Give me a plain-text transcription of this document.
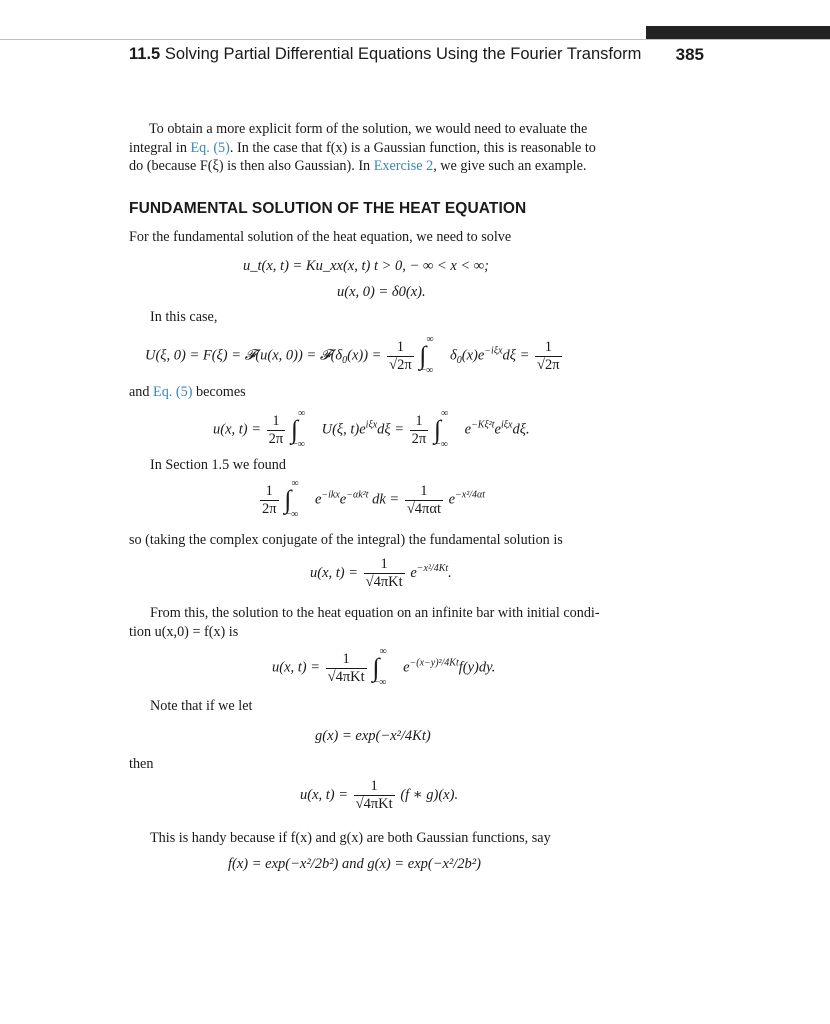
11.5 Solving Partial Differential Equations Using the Fourier Transform 385
To obtain a more explicit form of the solution, we would need to evaluate the
integral in Eq. (5). In the case that f(x) is a Gaussian function, this is reasonable to
do (because F(ξ) is then also Gaussian). In Exercise 2, we give such an example.
FUNDAMENTAL SOLUTION OF THE HEAT EQUATION
For the fundamental solution of the heat equation, we need to solve
u_t(x, t) = Ku_xx(x, t) t > 0, − ∞ < x < ∞;
u(x, 0) = δ0(x).
In this case,
U(ξ, 0) = F(ξ) = 𝓕(u(x, $0)) = 𝓕(\delta_0(x)) = \frac{1}{√2\pi}$ ∫
∞
−∞
$\delta_0(x)e^{-i\xi x}d\xi = \frac{1}{√2\pi}$
and Eq. (5) becomes
u(x, $t) = \frac{1}{2\pi}$ ∫
∞
−∞
U(ξ, $t)e^{i\xi x}d\xi = \frac{1}{2\pi}$ ∫
∞
−∞
$e^{-K\xi^2t}e^{i\xi x}d\xi$.
In Section 1.5 we found
$\frac{1}{2\pi}$ ∫
∞
−∞
$e^{-ikx}e^{-\alpha k^2t}$ dk =
1
√4παt
$e^{-x^2/4\alpha t}$
so (taking the complex conjugate of the integral) the fundamental solution is
u(x, t) =
1
√4πKt
$e^{-x^2/4Kt}$.
From this, the solution to the heat equation on an infinite bar with initial condi-
tion u(x,0) = f(x) is
u(x, t) =
1
√4πKt ∫
∞
−∞
$e^{-(x-y)^2/4Kt}f(y)dy$.
Note that if we let
g(x) = exp(−x²/4Kt)
then
u(x, t) =
1
√4πKt
(f ∗ g)(x).
This is handy because if f(x) and g(x) are both Gaussian functions, say
f(x) = exp(−x²/2b²) and g(x) = exp(−x²/2b²)
